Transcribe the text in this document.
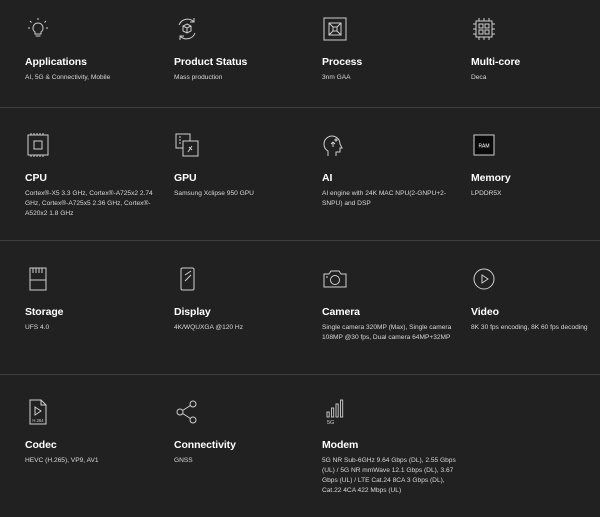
Applications
AI, 5G & Connectivity, Mobile
Product Status
Mass production
Process
3nm GAA
Multi-core
Deca
CPU
Cortex®-X5 3.3 GHz, Cortex®-A725x2 2.74 GHz, Cortex®-A725x5 2.36 GHz, Cortex®-A520x2 1.8 GHz
GPU
Samsung Xclipse 950 GPU
AI
AI engine with 24K MAC NPU(2-GNPU+2-SNPU) and DSP
RAM
Memory
LPDDR5X
Storage
UFS 4.0
Display
4K/WQUXGA @120 Hz
Camera
Single camera 320MP (Max), Single camera 108MP @30 fps, Dual camera 64MP+32MP
Video
8K 30 fps encoding, 8K 60 fps decoding
H.264
Codec
HEVC (H.265), VP9, AV1
Connectivity
GNSS
5G
Modem
5G NR Sub-6GHz 9.64 Gbps (DL), 2.55 Gbps (UL) / 5G NR mmWave 12.1 Gbps (DL), 3.67 Gbps (UL) / LTE Cat.24 8CA 3 Gbps (DL), Cat.22 4CA 422 Mbps (UL)
